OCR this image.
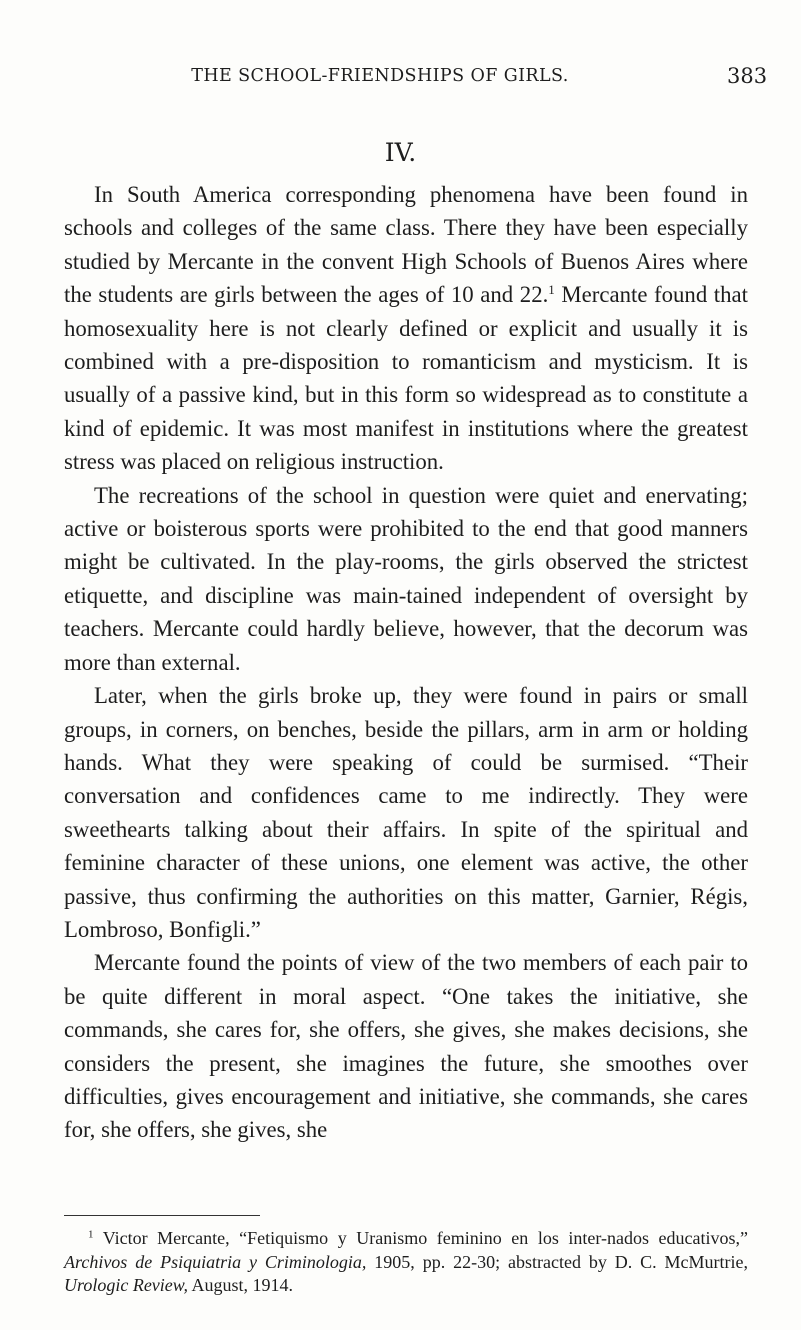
THE SCHOOL-FRIENDSHIPS OF GIRLS.	383
IV.

In South America corresponding phenomena have been found in schools and colleges of the same class. There they have been especially studied by Mercante in the convent High Schools of Buenos Aires where the students are girls between the ages of 10 and 22.$^1$ Mercante found that homosexuality here is not clearly defined or explicit and usually it is combined with a pre-disposition to romanticism and mysticism. It is usually of a passive kind, but in this form so widespread as to constitute a kind of epidemic. It was most manifest in institutions where the greatest stress was placed on religious instruction.

The recreations of the school in question were quiet and enervating; active or boisterous sports were prohibited to the end that good manners might be cultivated. In the play-rooms, the girls observed the strictest etiquette, and discipline was main-tained independent of oversight by teachers. Mercante could hardly believe, however, that the decorum was more than external.

Later, when the girls broke up, they were found in pairs or small groups, in corners, on benches, beside the pillars, arm in arm or holding hands. What they were speaking of could be surmised. “Their conversation and confidences came to me indirectly. They were sweethearts talking about their affairs. In spite of the spiritual and feminine character of these unions, one element was active, the other passive, thus confirming the authorities on this matter, Garnier, Régis, Lombroso, Bonfigli.”

Mercante found the points of view of the two members of each pair to be quite different in moral aspect. “One takes the initiative, she commands, she cares for, she offers, she gives, she makes decisions, she considers the present, she imagines the future, she smoothes over difficulties, gives encouragement and initiative, she commands, she cares for, she offers, she gives, she

$^1$ Victor Mercante, “Fetiquismo y Uranismo feminino en los inter-nados educativos,” Archivos de Psiquiatria y Criminologia, 1905, pp. 22-30; abstracted by D. C. McMurtrie, Urologic Review, August, 1914.
